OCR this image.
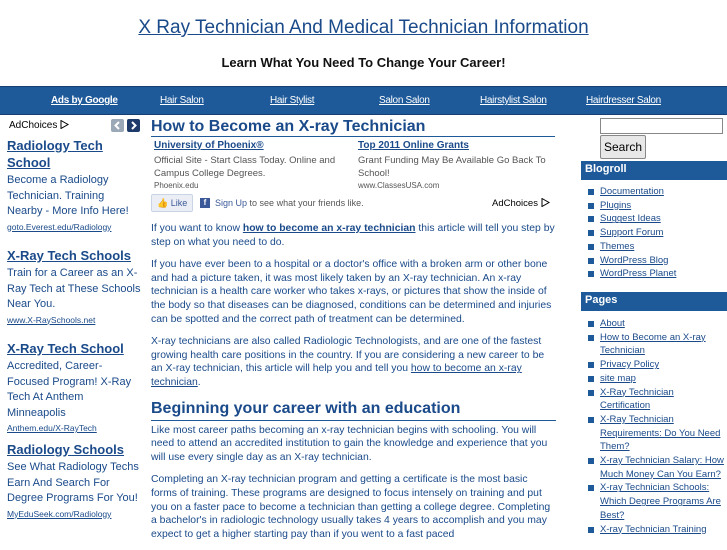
X Ray Technician And Medical Technician Information
Learn What You Need To Change Your Career!
Ads by Google	Hair Salon	Hair Stylist	Salon Salon	Hairstylist Salon	Hairdresser Salon
AdChoices
Radiology Tech School
Become a Radiology Technician. Training Nearby - More Info Here!
goto.Everest.edu/Radiology
X-Ray Tech Schools
Train for a Career as an X-Ray Tech at These Schools Near You.
www.X-RaySchools.net
X-Ray Tech School
Accredited, Career-Focused Program! X-Ray Tech At Anthem Minneapolis
Anthem.edu/X-RayTech
Radiology Schools
See What Radiology Techs Earn And Search For Degree Programs For You!
MyEduSeek.com/Radiology
How to Become an X-ray Technician
University of Phoenix®
Official Site - Start Class Today. Online and Campus College Degrees.
Phoenix.edu
Top 2011 Online Grants
Grant Funding May Be Available Go Back To School!
www.ClassesUSA.com
AdChoices
👍 Like	f Sign Up to see what your friends like.

If you want to know how to become an x-ray technician this article will tell you step by step on what you need to do.

If you have ever been to a hospital or a doctor's office with a broken arm or other bone and had a picture taken, it was most likely taken by an X-ray technician. An x-ray technician is a health care worker who takes x-rays, or pictures that show the inside of the body so that diseases can be diagnosed, conditions can be determined and injuries can be spotted and the correct path of treatment can be determined.

X-ray technicians are also called Radiologic Technologists, and are one of the fastest growing health care positions in the country. If you are considering a new career to be an X-ray technician, this article will help you and tell you how to become an x-ray technician.

Beginning your career with an education

Like most career paths becoming an x-ray technician begins with schooling. You will need to attend an accredited institution to gain the knowledge and experience that you will use every single day as an X-ray technician.

Completing an X-ray technician program and getting a certificate is the most basic forms of training. These programs are designed to focus intensely on training and put you on a faster pace to become a technician than getting a college degree. Completing a bachelor's in radiologic technology usually takes 4 years to accomplish and you may expect to get a higher starting pay than if you went to a fast paced

Search
Blogroll
Documentation
Plugins
Suggest Ideas
Support Forum
Themes
WordPress Blog
WordPress Planet
Pages
About
How to Become an X-ray Technician
Privacy Policy
site map
X-Ray Technician Certification
X-Ray Technician Requirements: Do You Need Them?
X-ray Technician Salary: How Much Money Can You Earn?
X-ray Technician Schools: Which Degree Programs Are Best?
X-ray Technician Training
